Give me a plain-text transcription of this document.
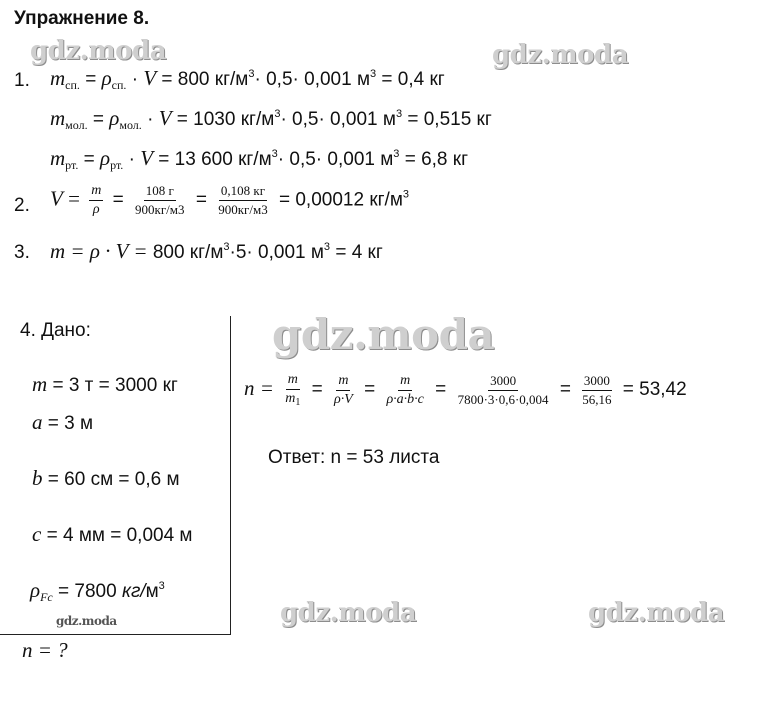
Упражнение 8.
gdz.moda	gdz.moda
gdz.moda
gdz.moda	gdz.moda
gdz.moda
1. $m_{сп.} = \rho_{сп.} \cdot V = 800$ $кг/м^3\cdot 0,5\cdot 0,001$ $м^3 = 0,4$ кг
$m_{мол.} = \rho_{мол.} \cdot V = 1030$ $кг/м^3\cdot 0,5\cdot 0,001$ $м^3 = 0,515$ кг
$m_{рт.} = \rho_{рт.} \cdot V = 13$ 600 $кг/м^3\cdot 0,5\cdot 0,001$ $м^3 = 6,8$ кг
2. $V = \frac{m}{\rho} = \frac{108 г}{900кг/м3} = \frac{0,108 кг}{900кг/м3} = 0,00012$ $кг/м^3$
3. m = ρ · V = 800 $кг/м^3\cdot 5\cdot 0,001$ $м^3 = 4$ кг
4. Дано:
m = 3 т = 3000 кг
a = 3 м
b = 60 см = 0,6 м
c = 4 мм = 0,004 м
$\rho_{Fc} = 7800$ $кг/м^3$
n = ?
$n = \frac{m}{m_1} = \frac{m}{\rho\cdot V} = \frac{m}{\rho\cdot a\cdot b\cdot c} = \frac{3000}{7800\cdot 3\cdot 0,6\cdot 0,004} = \frac{3000}{56,16} = 53,42$
Ответ: n = 53 листа
